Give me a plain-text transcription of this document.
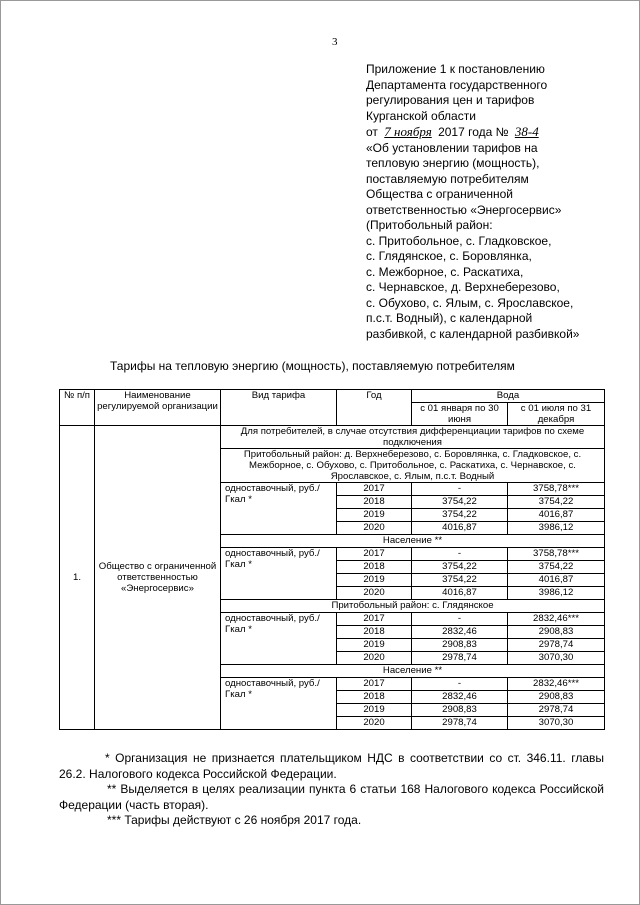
3
Приложение 1 к постановлению
Департамента государственного
регулирования цен и тарифов
Курганской области
от 7 ноября 2017 года № 38-4
«Об установлении тарифов на
тепловую энергию (мощность),
поставляемую потребителям
Общества с ограниченной
ответственностью «Энергосервис»
(Притобольный район:
с. Притобольное, с. Гладковское,
с. Глядянское, с. Боровлянка,
с. Межборное, с. Раскатиха,
с. Чернавское, д. Верхнеберезово,
с. Обухово, с. Ялым, с. Ярославское,
п.с.т. Водный), с календарной
разбивкой, с календарной разбивкой»
Тарифы на тепловую энергию (мощность), поставляемую потребителям
№ п/п	Наименование регулируемой организации	Вид тарифа	Год	Вода	
				с 01 января по 30 июня	с 01 июля по 31 декабря
1.	Общество с ограниченной ответственностью «Энергосервис»	Для потребителей, в случае отсутствия дифференциации тарифов по схеме подключения			
		Притобольный район: д. Верхнеберезово, с. Боровлянка, с. Гладковское, с. Межборное, с. Обухово, с. Притобольное, с. Раскатиха, с. Чернавское, с. Ярославское, с. Ялым, п.с.т. Водный			
		одноставочный, руб./Гкал *	2017	-	3758,78***
			2018	3754,22	3754,22
			2019	3754,22	4016,87
			2020	4016,87	3986,12
		Население **			
		одноставочный, руб./Гкал *	2017	-	3758,78***
			2018	3754,22	3754,22
			2019	3754,22	4016,87
			2020	4016,87	3986,12
		Притобольный район: с. Глядянское			
		одноставочный, руб./Гкал *	2017	-	2832,46***
			2018	2832,46	2908,83
			2019	2908,83	2978,74
			2020	2978,74	3070,30
		Население **			
		одноставочный, руб./Гкал *	2017	-	2832,46***
			2018	2832,46	2908,83
			2019	2908,83	2978,74
			2020	2978,74	3070,30

* Организация не признается плательщиком НДС в соответствии со ст. 346.11. главы 26.2. Налогового кодекса Российской Федерации.

** Выделяется в целях реализации пункта 6 статьи 168 Налогового кодекса Российской Федерации (часть вторая).

*** Тарифы действуют с 26 ноября 2017 года.
